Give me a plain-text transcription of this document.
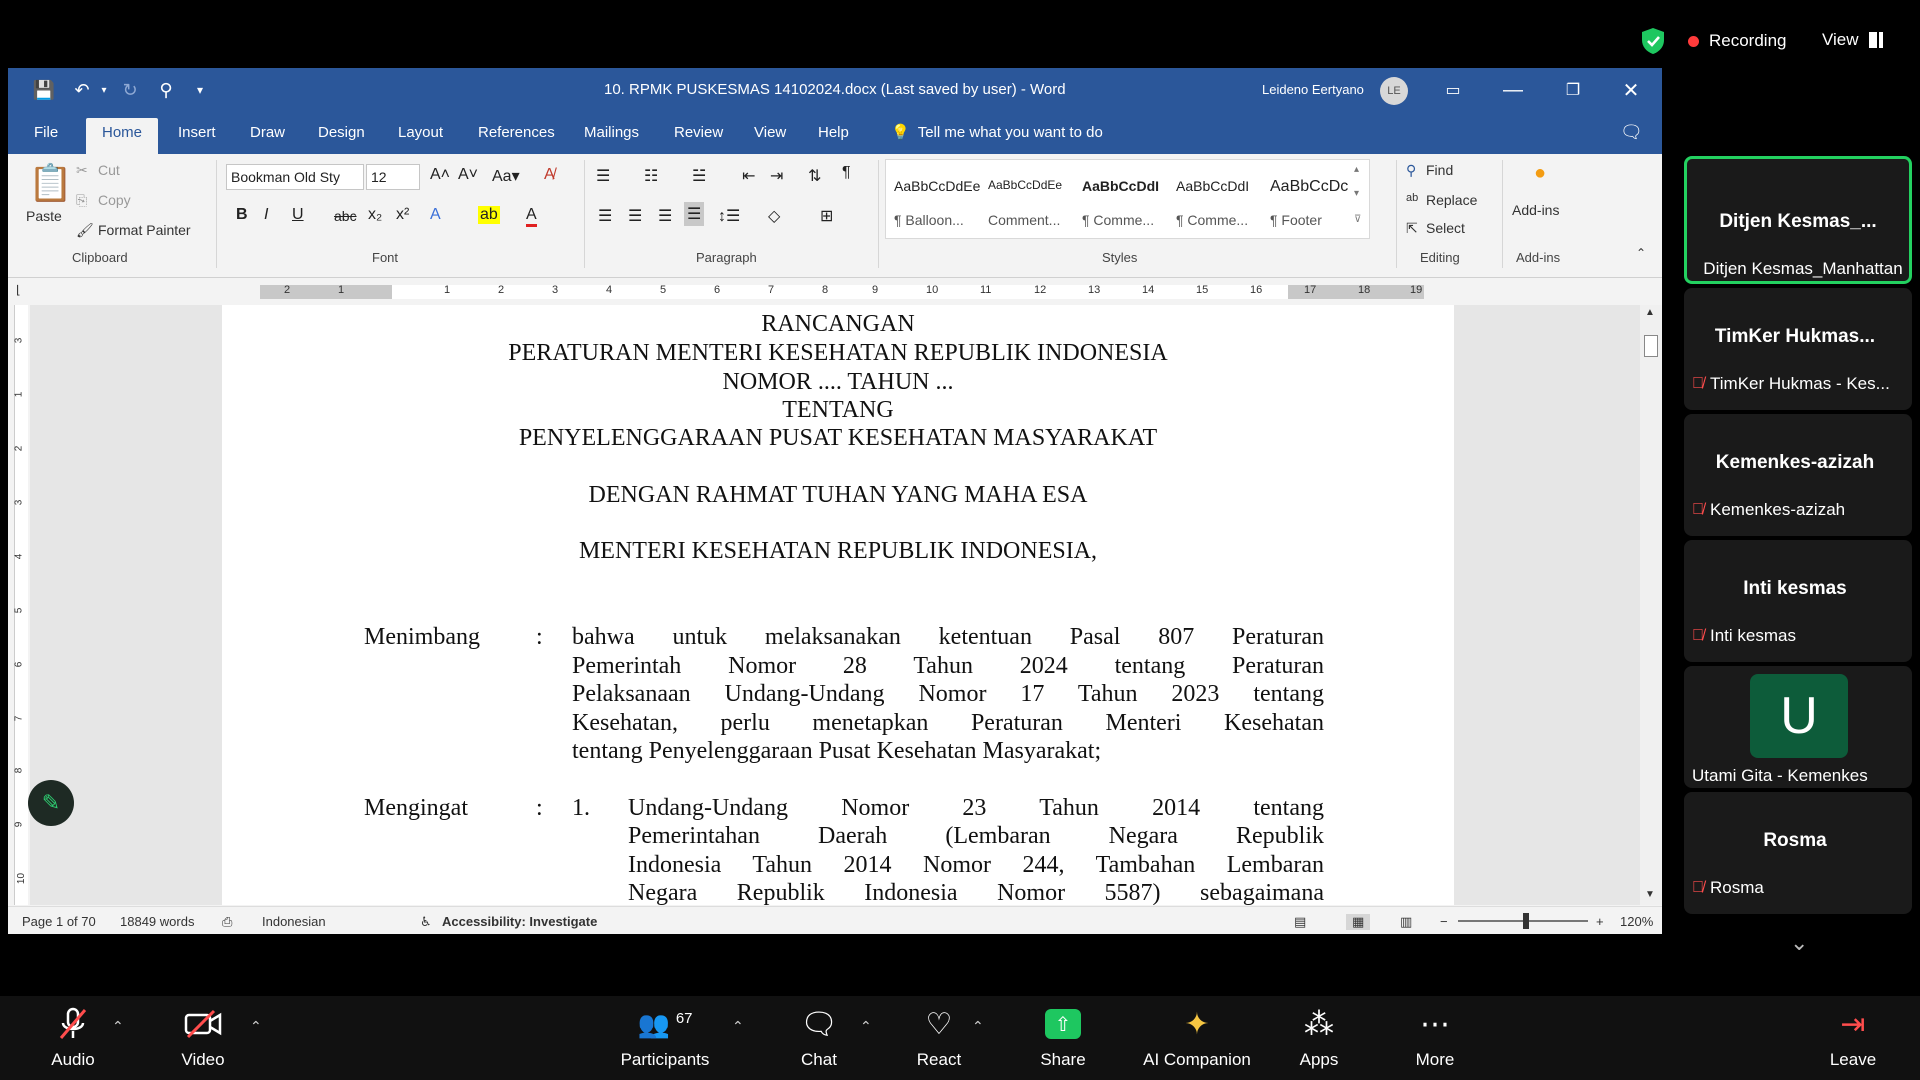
Recording View
💾 ↶	▾ ↻	⚲	▾	10. RPMK PUSKESMAS 14102024.docx (Last saved by user) - Word	Leideno Eertyano	LE	▭	—	❐	✕
File	Home	Insert Draw Design Layout References Mailings Review View Help	💡 Tell me what you want to do	🗨
📋
Paste
✂ Cut
⎘ Copy
🖌 Format Painter
Clipboard
Bookman Old Sty	12	A˄ A˅ Aa▾ A̸
B I U abc x₂ x² A ab A
Font
☰ ☷ ☱ ⇤ ⇥ ⇅ ¶
☰ ☰ ☰ ☰ ↕☰ ◇ ⊞
Paragraph
AaBbCcDdEe
¶ Balloon...
AaBbCcDdEe
Comment...
AaBbCcDdI
¶ Comme...
AaBbCcDdI
¶ Comme...
AaBbCcDc
¶ Footer
▴
▾
⊽
Styles
⚲ Find
ab Replace
⇱ Select
Editing
●
Add-ins
Add-ins	⌃
⌊	2	1	1	2	3	4	5	6	7	8	9	10	11	12	13	14	15	16	17	18	19
3
1
2
3
4
5
6
7
8
9
10
RANCANGAN
PERATURAN MENTERI KESEHATAN REPUBLIK INDONESIA
NOMOR .... TAHUN ...
TENTANG
PENYELENGGARAAN PUSAT KESEHATAN MASYARAKAT
DENGAN RAHMAT TUHAN YANG MAHA ESA
MENTERI KESEHATAN REPUBLIK INDONESIA,
Menimbang : bahwa untuk melaksanakan ketentuan Pasal 807 Peraturan
Pemerintah Nomor 28 Tahun 2024 tentang Peraturan
Pelaksanaan Undang-Undang Nomor 17 Tahun 2023 tentang
Kesehatan, perlu menetapkan Peraturan Menteri Kesehatan
tentang Penyelenggaraan Pusat Kesehatan Masyarakat;
Mengingat	: 1. Undang-Undang Nomor 23 Tahun 2014 tentang
Pemerintahan Daerah (Lembaran Negara Republik
Indonesia Tahun 2014 Nomor 244, Tambahan Lembaran
Negara Republik Indonesia Nomor 5587) sebagaimana
▲
▼
Page 1 of 70 18849 words ⎙ Indonesian	♿ Accessibility: Investigate	▤	▦	▥ −	+ 120%
✎
Ditjen Kesmas_...
Ditjen Kesmas_Manhattan
TimKer Hukmas...
🎙̸ TimKer Hukmas - Kes...
Kemenkes-azizah
🎙̸ Kemenkes-azizah
Inti kesmas
🎙̸ Inti kesmas
U
Utami Gita - Kemenkes
Rosma
🎙̸ Rosma
⌄
Audio
⌃
Video
⌃	👥 67
Participants
⌃	🗨
Chat
⌃	♡
React
⌃	⇧
Share
✦
AI Companion
⁂
Apps
⋯
More
⇥
Leave
